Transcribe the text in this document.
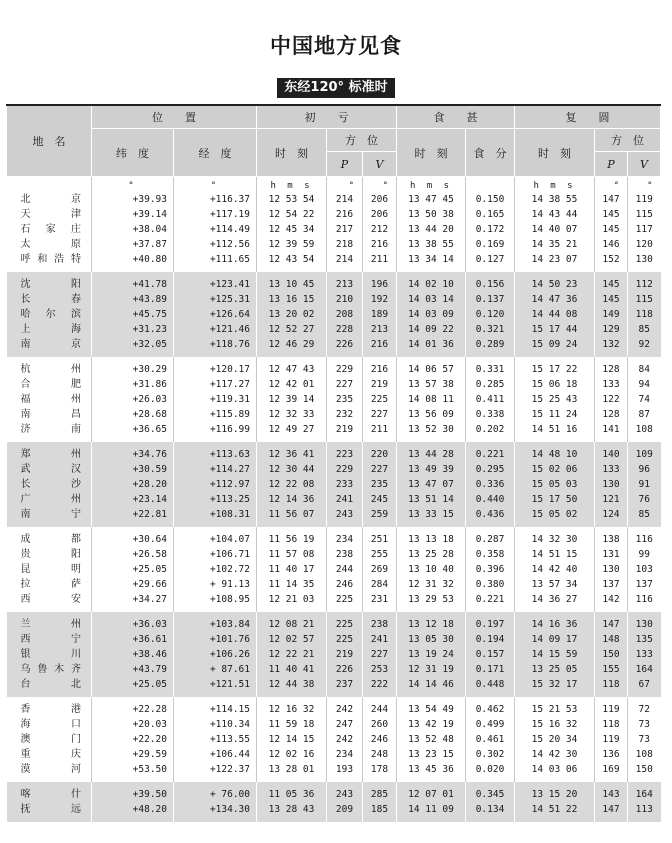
中国地方见食
东经120° 标准时
地　名	位　　置		初　　亏			食　　甚		复　　圆		
	纬　度	经　度	时　刻	方　位		时　刻	食　分	时　刻	方　位	
				P	V				P	V
	°	°	h m s	°	°	h m s		h m s	°	°
北　京	+39.93	+116.37	12 53 54	214	206	13 47 45	0.150	14 38 55	147	119
天　津	+39.14	+117.19	12 54 22	216	206	13 50 38	0.165	14 43 44	145	115
石家庄	+38.04	+114.49	12 45 34	217	212	13 44 20	0.172	14 40 07	145	117
太　原	+37.87	+112.56	12 39 59	218	216	13 38 55	0.169	14 35 21	146	120
呼和浩特	+40.80	+111.65	12 43 54	214	211	13 34 14	0.127	14 23 07	152	130
沈　阳	+41.78	+123.41	13 10 45	213	196	14 02 10	0.156	14 50 23	145	112
长　春	+43.89	+125.31	13 16 15	210	192	14 03 14	0.137	14 47 36	145	115
哈尔滨	+45.75	+126.64	13 20 02	208	189	14 03 09	0.120	14 44 08	149	118
上　海	+31.23	+121.46	12 52 27	228	213	14 09 22	0.321	15 17 44	129	85
南　京	+32.05	+118.76	12 46 29	226	216	14 01 36	0.289	15 09 24	132	92
杭　州	+30.29	+120.17	12 47 43	229	216	14 06 57	0.331	15 17 22	128	84
合　肥	+31.86	+117.27	12 42 01	227	219	13 57 38	0.285	15 06 18	133	94
福　州	+26.03	+119.31	12 39 14	235	225	14 08 11	0.411	15 25 43	122	74
南　昌	+28.68	+115.89	12 32 33	232	227	13 56 09	0.338	15 11 24	128	87
济　南	+36.65	+116.99	12 49 27	219	211	13 52 30	0.202	14 51 16	141	108
郑　州	+34.76	+113.63	12 36 41	223	220	13 44 28	0.221	14 48 10	140	109
武　汉	+30.59	+114.27	12 30 44	229	227	13 49 39	0.295	15 02 06	133	96
长　沙	+28.20	+112.97	12 22 08	233	235	13 47 07	0.336	15 05 03	130	91
广　州	+23.14	+113.25	12 14 36	241	245	13 51 14	0.440	15 17 50	121	76
南　宁	+22.81	+108.31	11 56 07	243	259	13 33 15	0.436	15 05 02	124	85
成　都	+30.64	+104.07	11 56 19	234	251	13 13 18	0.287	14 32 30	138	116
贵　阳	+26.58	+106.71	11 57 08	238	255	13 25 28	0.358	14 51 15	131	99
昆　明	+25.05	+102.72	11 40 17	244	269	13 10 40	0.396	14 42 40	130	103
拉　萨	+29.66	+ 91.13	11 14 35	246	284	12 31 32	0.380	13 57 34	137	137
西　安	+34.27	+108.95	12 21 03	225	231	13 29 53	0.221	14 36 27	142	116
兰　州	+36.03	+103.84	12 08 21	225	238	13 12 18	0.197	14 16 36	147	130
西　宁	+36.61	+101.76	12 02 57	225	241	13 05 30	0.194	14 09 17	148	135
银　川	+38.46	+106.26	12 22 21	219	227	13 19 24	0.157	14 15 59	150	133
乌鲁木齐	+43.79	+ 87.61	11 40 41	226	253	12 31 19	0.171	13 25 05	155	164
台　北	+25.05	+121.51	12 44 38	237	222	14 14 46	0.448	15 32 17	118	67
香　港	+22.28	+114.15	12 16 32	242	244	13 54 49	0.462	15 21 53	119	72
海　口	+20.03	+110.34	11 59 18	247	260	13 42 19	0.499	15 16 32	118	73
澳　门	+22.20	+113.55	12 14 15	242	246	13 52 48	0.461	15 20 34	119	73
重　庆	+29.59	+106.44	12 02 16	234	248	13 23 15	0.302	14 42 30	136	108
漠　河	+53.50	+122.37	13 28 01	193	178	13 45 36	0.020	14 03 06	169	150
喀　什	+39.50	+ 76.00	11 05 36	243	285	12 07 01	0.345	13 15 20	143	164
抚　远	+48.20	+134.30	13 28 43	209	185	14 11 09	0.134	14 51 22	147	113
